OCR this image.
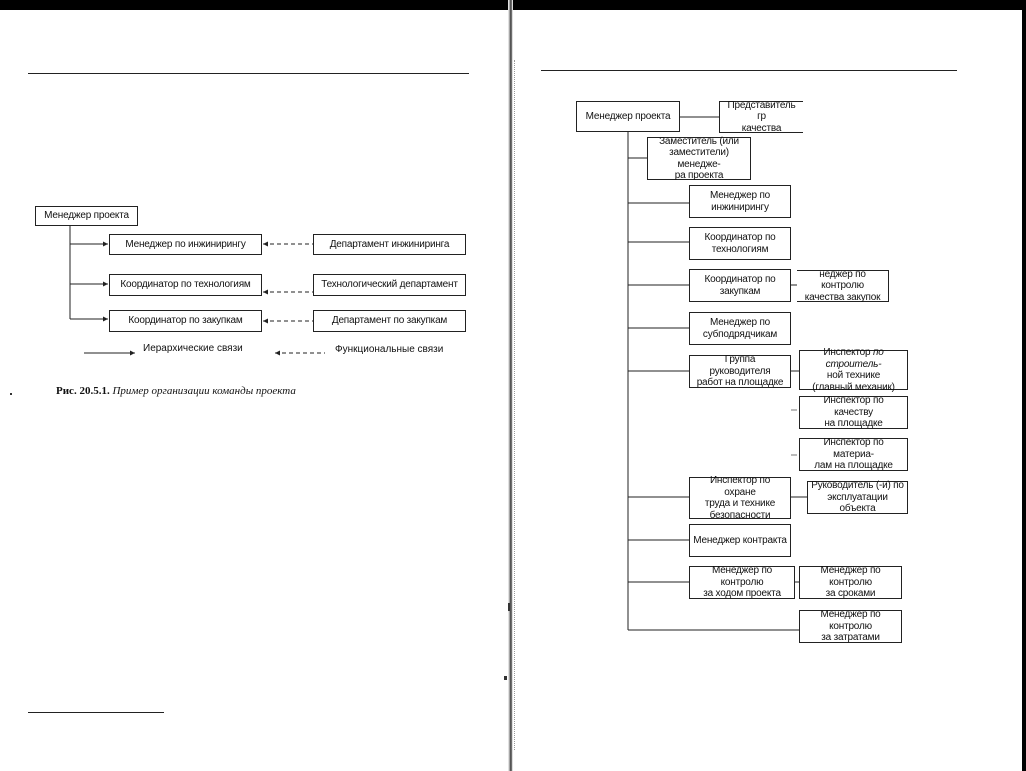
Менеджер проекта
Менеджер по инжинирингу	Департамент инжиниринга
Координатор по технологиям	Технологический департамент
Координатор по закупкам	Департамент по закупкам
Иерархические связи	Функциональные связи
Рис. 20.5.1. Пример организации команды проекта
Менеджер проекта
Представитель гр
качества
Заместитель (или
заместители) менедже-
ра проекта
Менеджер по
инжинирингу
Координатор по
технологиям
Координатор по
закупкам
неджер по контролю
качества закупок
Менеджер по
субподрядчикам
Группа руководителя
работ на площадке
Инспектор по строитель-
ной технике
(главный механик)
Инспектор по качеству
на площадке
Инспектор по материа-
лам на площадке
Инспектор по охране
труда и технике
безопасности
Руководитель (-и) по
эксплуатации объекта
Менеджер контракта
Менеджер по контролю
за ходом проекта
Менеджер по контролю
за сроками
Менеджер по контролю
за затратами
